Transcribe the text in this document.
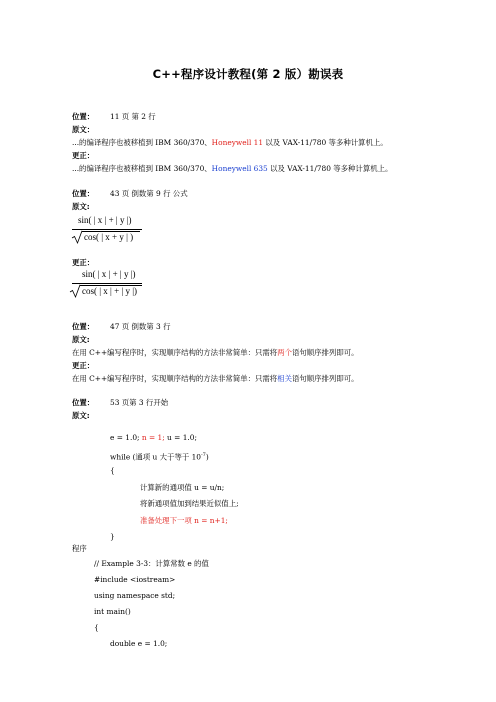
C++程序设计教程(第 2 版）勘误表
位置： 11 页 第 2 行
原文：
...的编译程序也被移植到 IBM 360/370、Honeywell 11 以及 VAX-11/780 等多种计算机上。
更正：
...的编译程序也被移植到 IBM 360/370、Honeywell 635 以及 VAX-11/780 等多种计算机上。
位置： 43 页 倒数第 9 行 公式
原文:
sin( | x | + | y |)
cos( | x + y | )
更正：
sin( | x | + | y |)
cos( | x | + | y |)
位置： 47 页 倒数第 3 行
原文:
在用 C++编写程序时，实现顺序结构的方法非常简单：只需将两个语句顺序排列即可。
更正：
在用 C++编写程序时，实现顺序结构的方法非常简单：只需将相关语句顺序排列即可。
位置： 53 页第 3 行开始
原文:
e = 1.0; n = 1; u = 1.0;
while (通项 u 大于等于 $10^{-7}$)
{
计算新的通项值 u = u/n;
将新通项值加到结果近似值上;
准备处理下一项 n = n+1;
}
程序
// Example 3-3：计算常数 e 的值
#include <iostream>
using namespace std;
int main()
{
double e = 1.0;
